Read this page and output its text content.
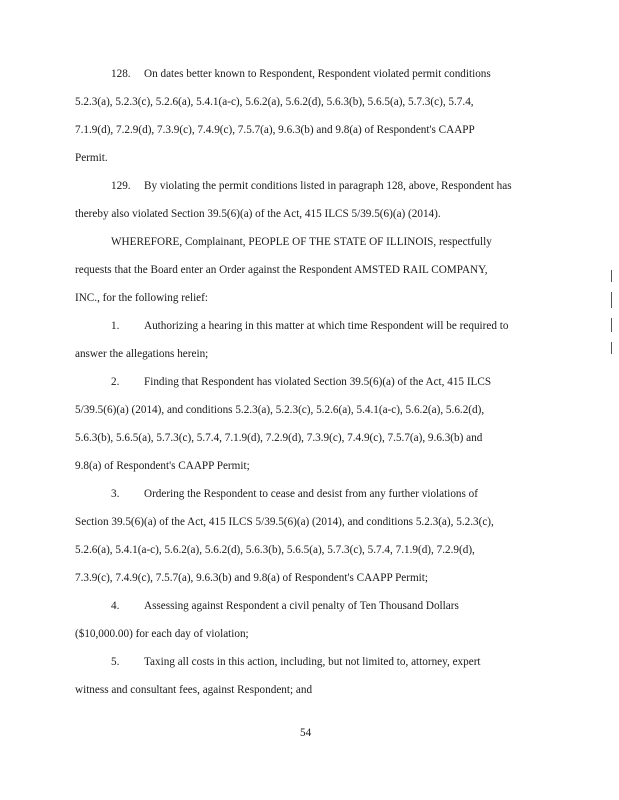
128. On dates better known to Respondent, Respondent violated permit conditions
5.2.3(a), 5.2.3(c), 5.2.6(a), 5.4.1(a-c), 5.6.2(a), 5.6.2(d), 5.6.3(b), 5.6.5(a), 5.7.3(c), 5.7.4,
7.1.9(d), 7.2.9(d), 7.3.9(c), 7.4.9(c), 7.5.7(a), 9.6.3(b) and 9.8(a) of Respondent's CAAPP
Permit.
129. By violating the permit conditions listed in paragraph 128, above, Respondent has
thereby also violated Section 39.5(6)(a) of the Act, 415 ILCS 5/39.5(6)(a) (2014).
WHEREFORE, Complainant, PEOPLE OF THE STATE OF ILLINOIS, respectfully
requests that the Board enter an Order against the Respondent AMSTED RAIL COMPANY,
INC., for the following relief:
1. Authorizing a hearing in this matter at which time Respondent will be required to
answer the allegations herein;
2. Finding that Respondent has violated Section 39.5(6)(a) of the Act, 415 ILCS
5/39.5(6)(a) (2014), and conditions 5.2.3(a), 5.2.3(c), 5.2.6(a), 5.4.1(a-c), 5.6.2(a), 5.6.2(d),
5.6.3(b), 5.6.5(a), 5.7.3(c), 5.7.4, 7.1.9(d), 7.2.9(d), 7.3.9(c), 7.4.9(c), 7.5.7(a), 9.6.3(b) and
9.8(a) of Respondent's CAAPP Permit;
3. Ordering the Respondent to cease and desist from any further violations of
Section 39.5(6)(a) of the Act, 415 ILCS 5/39.5(6)(a) (2014), and conditions 5.2.3(a), 5.2.3(c),
5.2.6(a), 5.4.1(a-c), 5.6.2(a), 5.6.2(d), 5.6.3(b), 5.6.5(a), 5.7.3(c), 5.7.4, 7.1.9(d), 7.2.9(d),
7.3.9(c), 7.4.9(c), 7.5.7(a), 9.6.3(b) and 9.8(a) of Respondent's CAAPP Permit;
4. Assessing against Respondent a civil penalty of Ten Thousand Dollars
($10,000.00) for each day of violation;
5. Taxing all costs in this action, including, but not limited to, attorney, expert
witness and consultant fees, against Respondent; and
54
